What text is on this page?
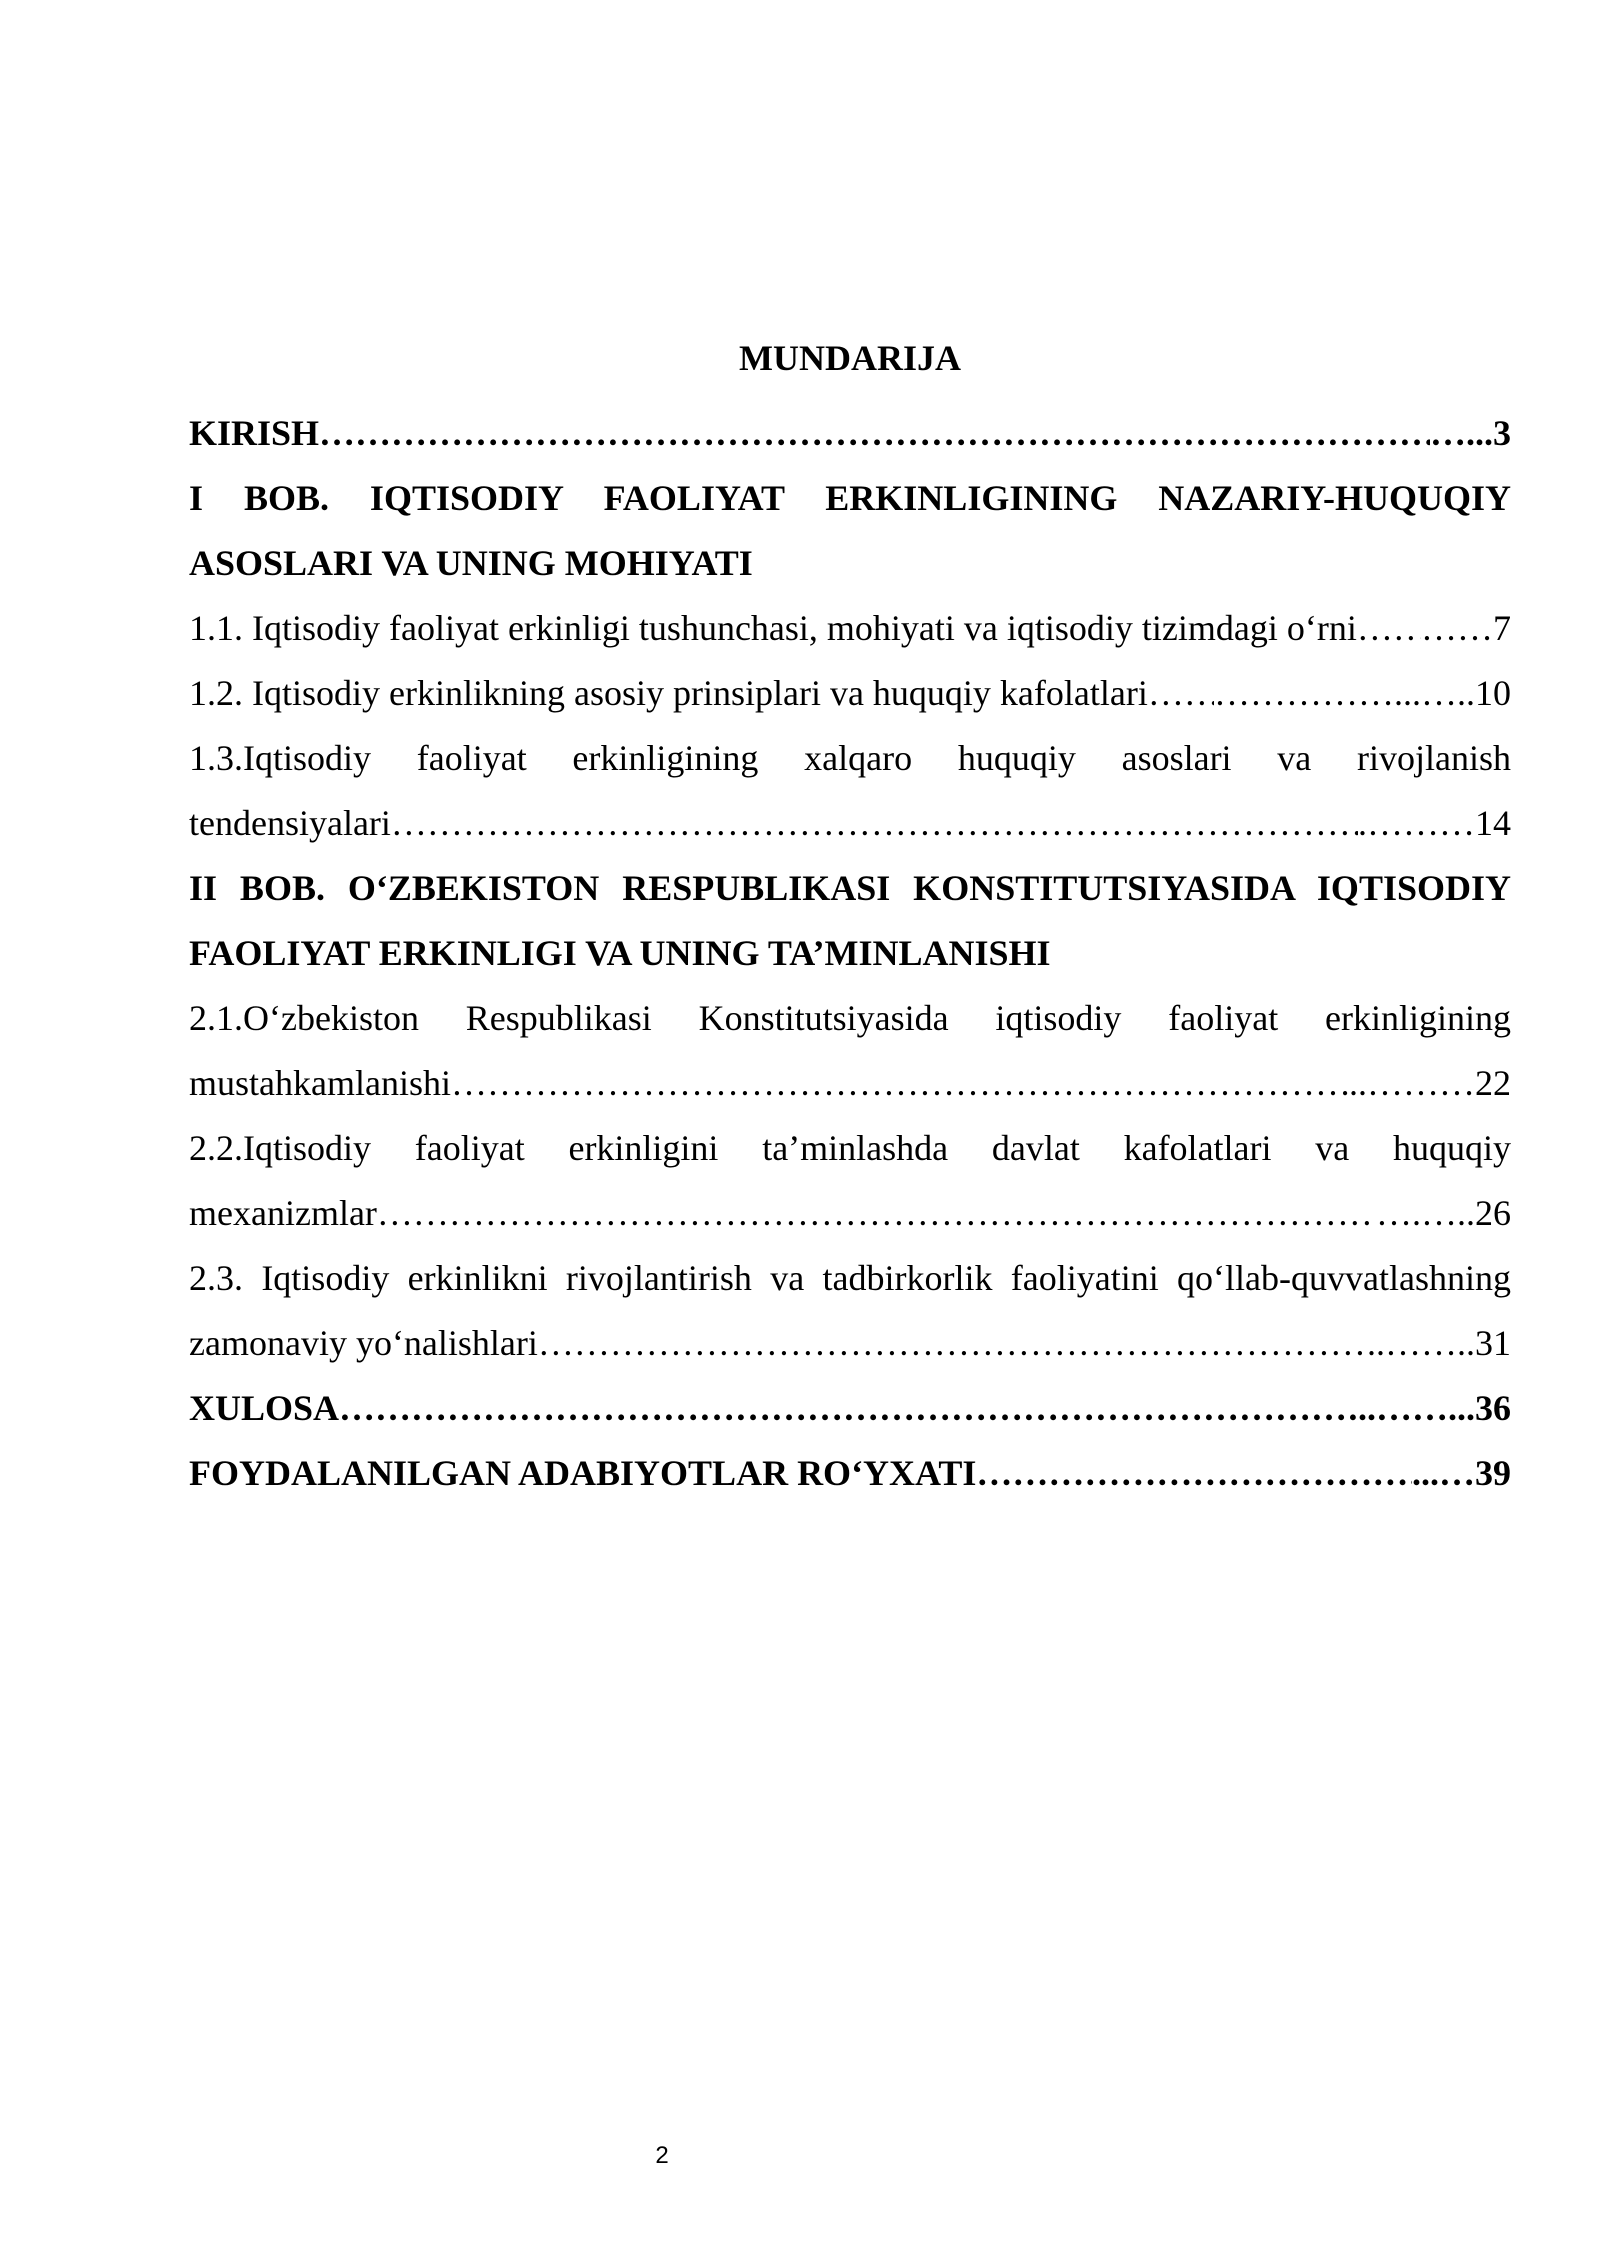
MUNDARIJA
KIRISH …………………………………………………………………………………………………………………………………………………………………………………………………………	…... 3
I BOB. IQTISODIY FAOLIYAT ERKINLIGINING NAZARIY-HUQUQIY
ASOSLARI VA UNING MOHIYATI
1.1. Iqtisodiy faoliyat erkinligi tushunchasi, mohiyati va iqtisodiy tizimdagi o‘rni ………………………………………………………………………………………………………………………………………………………………………………………………………… …… 7
1.2. Iqtisodiy erkinlikning asosiy prinsiplari va huquqiy kafolatlari ………………………………………………………………………………………………………………………………………………………………………………………………………… ……………...….. 10
1.3.Iqtisodiy faoliyat erkinligining xalqaro huquqiy asoslari va rivojlanish
tendensiyalari …………………………………………………………………………………………………………………………………………………………………………………………………………	.……… 14
II BOB. O‘ZBEKISTON RESPUBLIKASI KONSTITUTSIYASIDA IQTISODIY
FAOLIYAT ERKINLIGI VA UNING TA’MINLANISHI
2.1.O‘zbekiston Respublikasi Konstitutsiyasida iqtisodiy faoliyat erkinligining
mustahkamlanishi …………………………………………………………………………………………………………………………………………………………………………………………………………	..……… 22
2.2.Iqtisodiy faoliyat erkinligini ta’minlashda davlat kafolatlari va huquqiy
mexanizmlar …………………………………………………………………………………………………………………………………………………………………………………………………………	….….. 26
2.3. Iqtisodiy erkinlikni rivojlantirish va tadbirkorlik faoliyatini qo‘llab-quvvatlashning
zamonaviy yo‘nalishlari …………………………………………………………………………………………………………………………………………………………………………………………………………	..…….. 31
XULOSA …………………………………………………………………………………………………………………………………………………………………………………………………………	..……... 36
FOYDALANILGAN ADABIYOTLAR RO‘YXATI …………………………………………………………………………………………………………………………………………………………………………………………………………	...… 39
2
